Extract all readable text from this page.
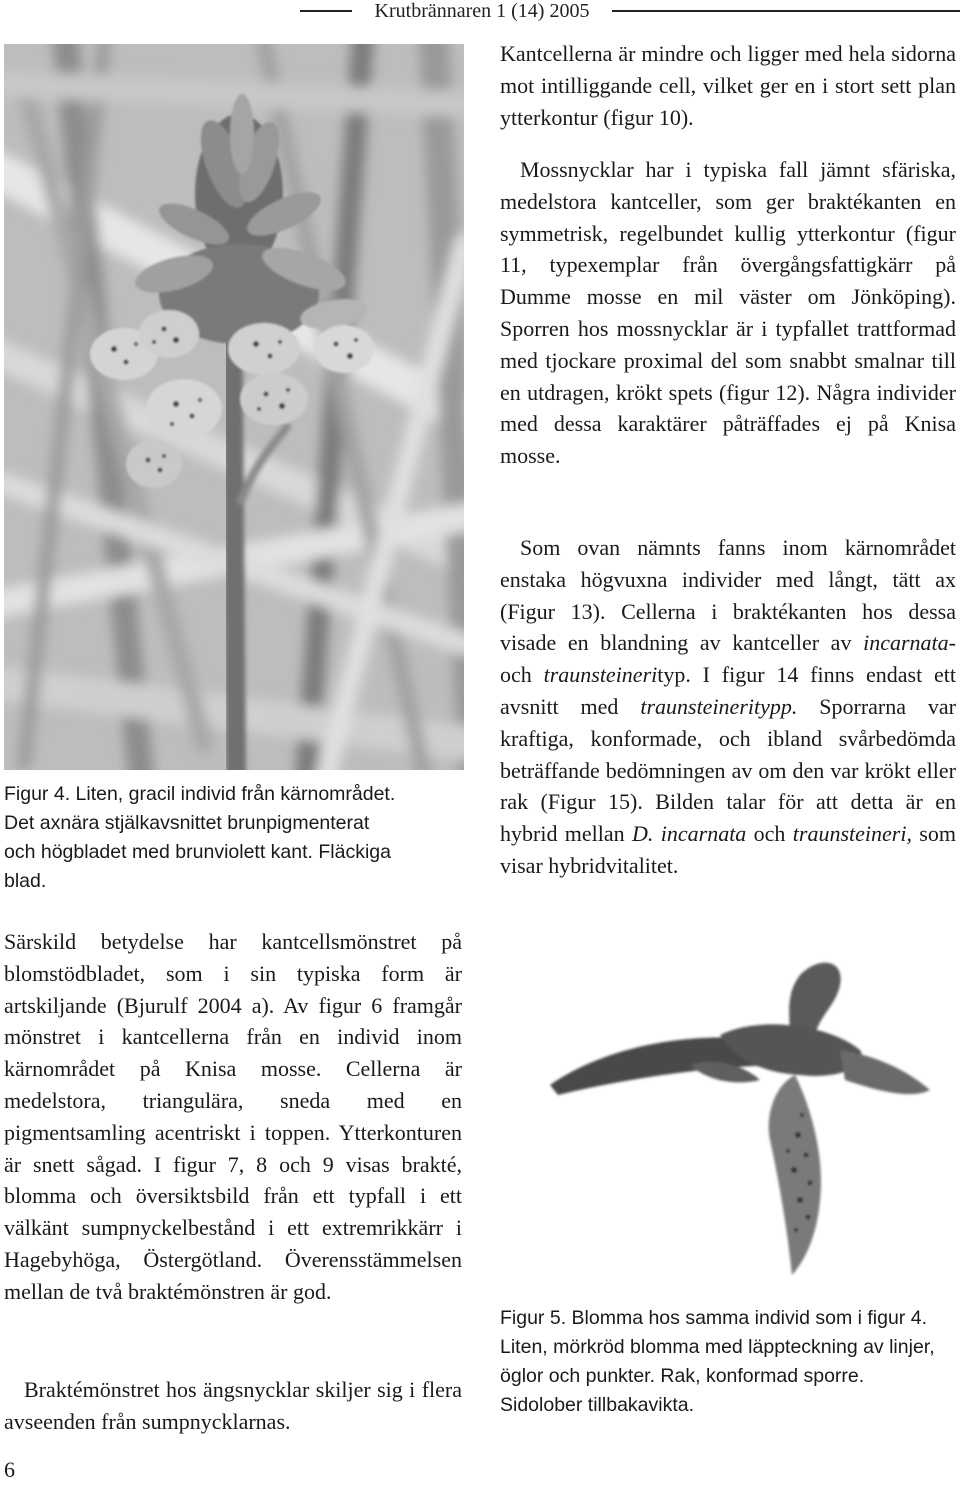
Krutbrännaren 1 (14) 2005

Figur 4. Liten, gracil individ från kärnområdet. Det axnära stjälkavsnittet brunpigmenterat och högbladet med brunviolett kant. Fläckiga blad.

Särskild betydelse har kantcellsmönstret på blomstödbladet, som i sin typiska form är artskiljande (Bjurulf 2004 a). Av figur 6 framgår mönstret i kantcellerna från en individ inom kärnområdet på Knisa mosse. Cellerna är medelstora, triangulära, sneda med en pigmentsamling acentriskt i toppen. Ytterkonturen är snett sågad. I figur 7, 8 och 9 visas brakté, blomma och översiktsbild från ett typfall i ett välkänt sumpnyckelbestånd i ett extremrikkärr i Hagebyhöga, Östergötland. Överensstämmelsen mellan de två braktémönstren är god.

Braktémönstret hos ängsnycklar skiljer sig i flera avseenden från sumpnycklarnas.

Kantcellerna är mindre och ligger med hela sidorna mot intilliggande cell, vilket ger en i stort sett plan ytterkontur (figur 10).

Mossnycklar har i typiska fall jämnt sfäriska, medelstora kantceller, som ger braktékanten en symmetrisk, regelbundet kullig ytterkontur (figur 11, typexemplar från övergångsfattigkärr på Dumme mosse en mil väster om Jönköping). Sporren hos mossnycklar är i typfallet trattformad med tjockare proximal del som snabbt smalnar till en utdragen, krökt spets (figur 12). Några individer med dessa karaktärer påträffades ej på Knisa mosse.

Som ovan nämnts fanns inom kärnområdet enstaka högvuxna individer med långt, tätt ax (Figur 13). Cellerna i braktékanten hos dessa visade en blandning av kantceller av incarnata- och traunsteinerityp. I figur 14 finns endast ett avsnitt med traunsteineritypp. Sporrarna var kraftiga, konformade, och ibland svårbedömda beträffande bedömningen av om den var krökt eller rak (Figur 15). Bilden talar för att detta är en hybrid mellan D. incarnata och traunsteineri, som visar hybridvitalitet.

Figur 5. Blomma hos samma individ som i figur 4. Liten, mörkröd blomma med läppteckning av linjer, öglor och punkter. Rak, konformad sporre. Sidolober tillbakavikta.

6
